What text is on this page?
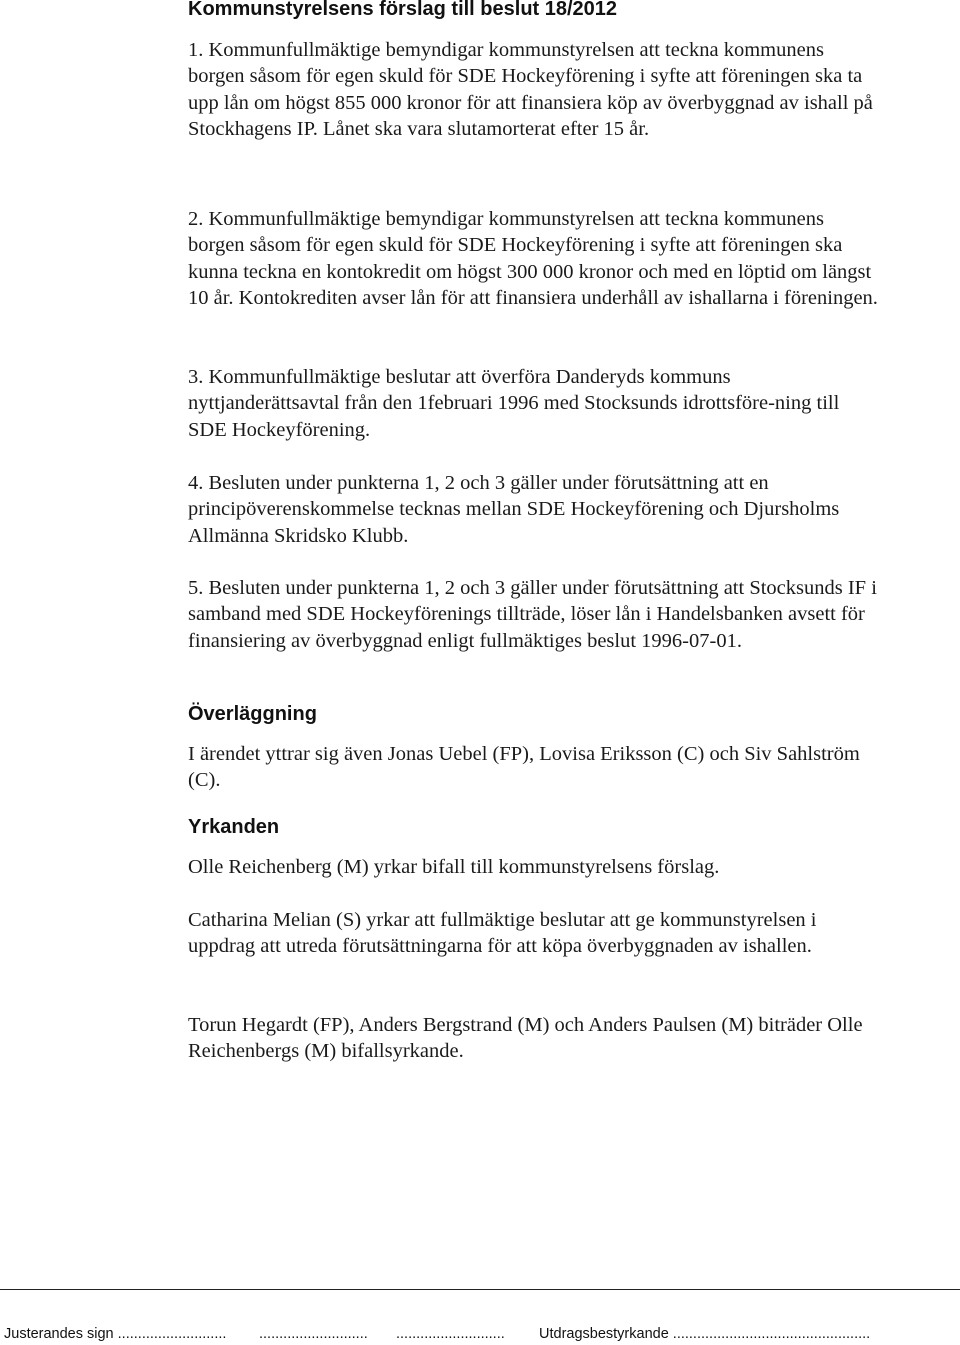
Kommunstyrelsens förslag till beslut 18/2012

1. Kommunfullmäktige bemyndigar kommunstyrelsen att teckna kommunens borgen såsom för egen skuld för SDE Hockeyförening i syfte att föreningen ska ta upp lån om högst 855 000 kronor för att finansiera köp av överbyggnad av ishall på Stockhagens IP. Lånet ska vara slutamorterat efter 15 år.

2. Kommunfullmäktige bemyndigar kommunstyrelsen att teckna kommunens borgen såsom för egen skuld för SDE Hockeyförening i syfte att föreningen ska kunna teckna en kontokredit om högst 300 000 kronor och med en löptid om längst 10 år. Kontokrediten avser lån för att finansiera underhåll av ishallarna i föreningen.

3. Kommunfullmäktige beslutar att överföra Danderyds kommuns nyttjanderättsavtal från den 1februari 1996 med Stocksunds idrottsföre-ning till SDE Hockeyförening.

4. Besluten under punkterna 1, 2 och 3 gäller under förutsättning att en principöverenskommelse tecknas mellan SDE Hockeyförening och Djursholms Allmänna Skridsko Klubb.

5. Besluten under punkterna 1, 2 och 3 gäller under förutsättning att Stocksunds IF i samband med SDE Hockeyförenings tillträde, löser lån i Handelsbanken avsett för finansiering av överbyggnad enligt fullmäktiges beslut 1996-07-01.

Överläggning

I ärendet yttrar sig även Jonas Uebel (FP), Lovisa Eriksson (C) och Siv Sahlström (C).

Yrkanden

Olle Reichenberg (M) yrkar bifall till kommunstyrelsens förslag.

Catharina Melian (S) yrkar att fullmäktige beslutar att ge kommunstyrelsen i uppdrag att utreda förutsättningarna för att köpa överbyggnaden av ishallen.

Torun Hegardt (FP), Anders Bergstrand (M) och Anders Paulsen (M) biträder Olle Reichenbergs (M) bifallsyrkande.

Justerandes sign ........................... ........................... ........................... Utdragsbestyrkande .................................................
